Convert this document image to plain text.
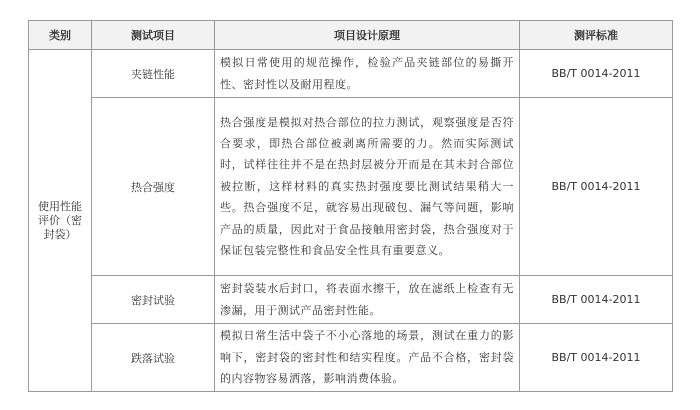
类别	测试项目	项目设计原理	测评标准
使用性能评价（密封袋）	夹链性能	模拟日常使用的规范操作，检验产品夹链部位的易撕开性、密封性以及耐用程度。	BB/T 0014-2011
	热合强度	热合强度是模拟对热合部位的拉力测试，观察强度是否符合要求，即热合部位被剥离所需要的力。然而实际测试时，试样往往并不是在热封层被分开而是在其未封合部位被拉断，这样材料的真实热封强度要比测试结果稍大一些。热合强度不足，就容易出现破包、漏气等问题，影响产品的质量，因此对于食品接触用密封袋，热合强度对于保证包装完整性和食品安全性具有重要意义。	BB/T 0014-2011
	密封试验	密封袋装水后封口，将表面水擦干，放在滤纸上检查有无渗漏，用于测试产品密封性能。	BB/T 0014-2011
	跌落试验	模拟日常生活中袋子不小心落地的场景，测试在重力的影响下，密封袋的密封性和结实程度。产品不合格，密封袋的内容物容易洒落，影响消费体验。	BB/T 0014-2011
